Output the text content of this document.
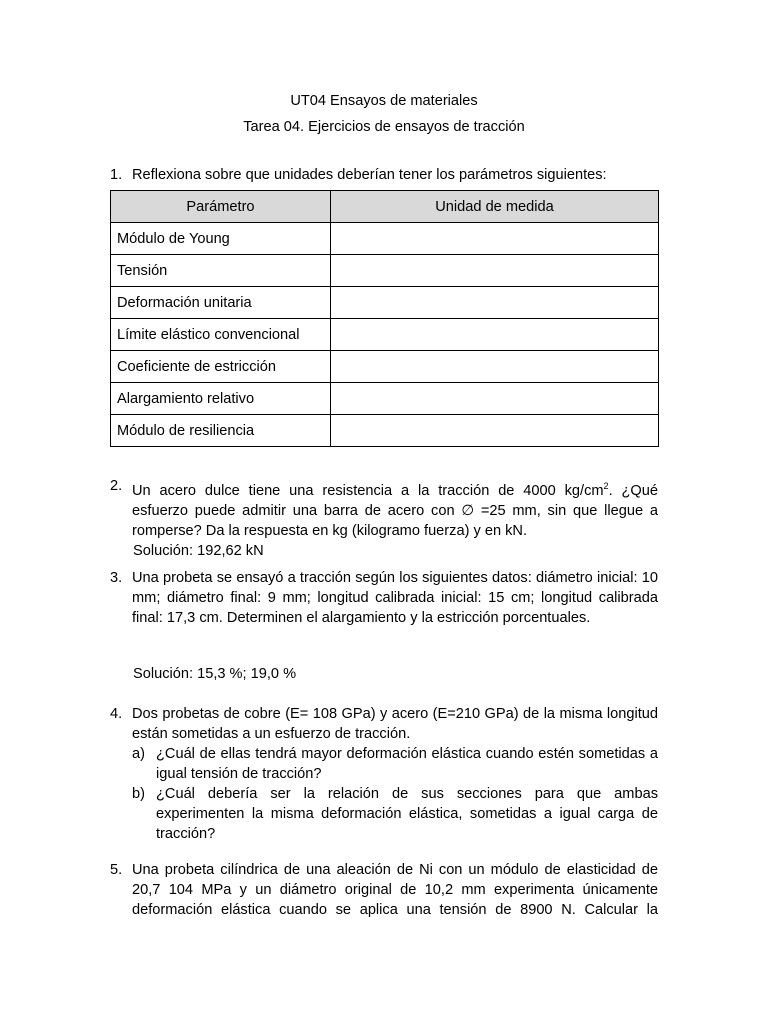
UT04 Ensayos de materiales
Tarea 04. Ejercicios de ensayos de tracción
1. Reflexiona sobre que unidades deberían tener los parámetros siguientes:

Parámetro	Unidad de medida
Módulo de Young	
Tensión	
Deformación unitaria	
Límite elástico convencional	
Coeficiente de estricción	
Alargamiento relativo	
Módulo de resiliencia	
2. Un acero dulce tiene una resistencia a la tracción de 4000 $kg/cm^2$. ¿Qué esfuerzo puede admitir una barra de acero con ∅ =25 mm, sin que llegue a romperse? Da la respuesta en kg (kilogramo fuerza) y en kN.

Solución: 192,62 kN
3. Una probeta se ensayó a tracción según los siguientes datos: diámetro inicial: 10 mm; diámetro final: 9 mm; longitud calibrada inicial: 15 cm; longitud calibrada final: 17,3 cm. Determinen el alargamiento y la estricción porcentuales.

Solución: 15,3 %; 19,0 %
4. Dos probetas de cobre (E= 108 GPa) y acero (E=210 GPa) de la misma longitud están sometidas a un esfuerzo de tracción.

a) ¿Cuál de ellas tendrá mayor deformación elástica cuando estén sometidas a igual tensión de tracción?

b) ¿Cuál debería ser la relación de sus secciones para que ambas experimenten la misma deformación elástica, sometidas a igual carga de tracción?

5. Una probeta cilíndrica de una aleación de Ni con un módulo de elasticidad de 20,7 104 MPa y un diámetro original de 10,2 mm experimenta únicamente deformación elástica cuando se aplica una tensión de 8900 N. Calcular la
